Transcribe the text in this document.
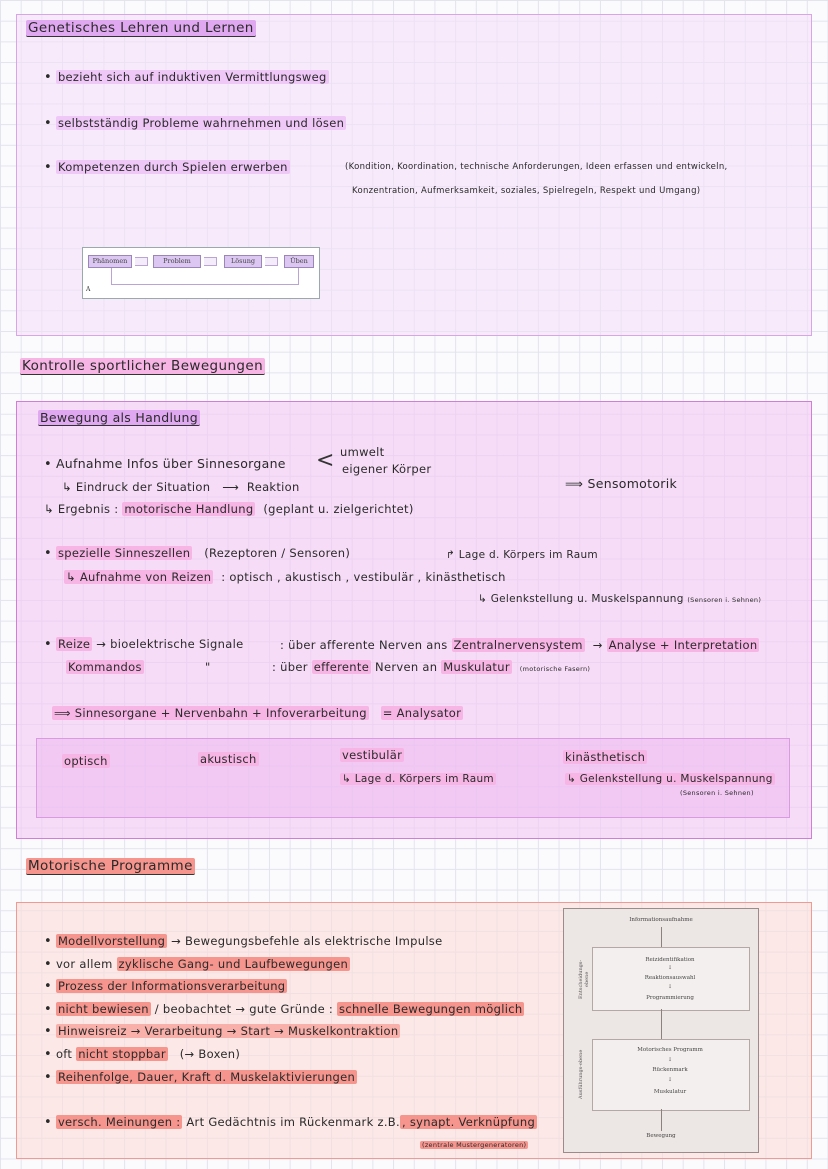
Genetisches Lehren und Lernen
• bezieht sich auf induktiven Vermittlungsweg
• selbstständig Probleme wahrnehmen und lösen
• Kompetenzen durch Spielen erwerben	(Kondition, Koordination, technische Anforderungen, Ideen erfassen und entwickeln,
Konzentration, Aufmerksamkeit, soziales, Spielregeln, Respekt und Umgang)
Phänomen	Problem	Lösung	Üben
A
Kontrolle sportlicher Bewegungen
Bewegung als Handlung
• Aufnahme Infos über Sinnesorgane < umwelt
eigener Körper
↳ Eindruck der Situation ⟶ Reaktion	⟹ Sensomotorik
↳ Ergebnis : motorische Handlung (geplant u. zielgerichtet)
• spezielle Sinneszellen (Rezeptoren / Sensoren)	↱ Lage d. Körpers im Raum
↳ Aufnahme von Reizen : optisch , akustisch , vestibulär , kinästhetisch
↳ Gelenkstellung u. Muskelspannung (Sensoren i. Sehnen)
• Reize → bioelektrische Signale	: über afferente Nerven ans Zentralnervensystem → Analyse + Interpretation
Kommandos	"	: über efferente Nerven an Muskulatur (motorische Fasern)
⟹ Sinnesorgane + Nervenbahn + Infoverarbeitung = Analysator
optisch	akustisch	vestibulär
↳ Lage d. Körpers im Raum
kinästhetisch
↳ Gelenkstellung u. Muskelspannung
(Sensoren i. Sehnen)
Motorische Programme
• Modellvorstellung → Bewegungsbefehle als elektrische Impulse
• vor allem zyklische Gang- und Laufbewegungen
• Prozess der Informationsverarbeitung
• nicht bewiesen / beobachtet → gute Gründe : schnelle Bewegungen möglich
• Hinweisreiz → Verarbeitung → Start → Muskelkontraktion
• oft nicht stoppbar (→ Boxen)
• Reihenfolge, Dauer, Kraft d. Muskelaktivierungen
• versch. Meinungen : Art Gedächtnis im Rückenmark z.B. , synapt. Verknüpfung
(zentrale Mustergeneratoren)
Informationsaufnahme
Entscheidungs-ebene
Reizidentifikation
↓
Reaktionsauswahl
↓
Programmierung
Ausführungs-ebene	Motorisches Programm
↓
Rückenmark
↓
Muskulatur
Bewegung
